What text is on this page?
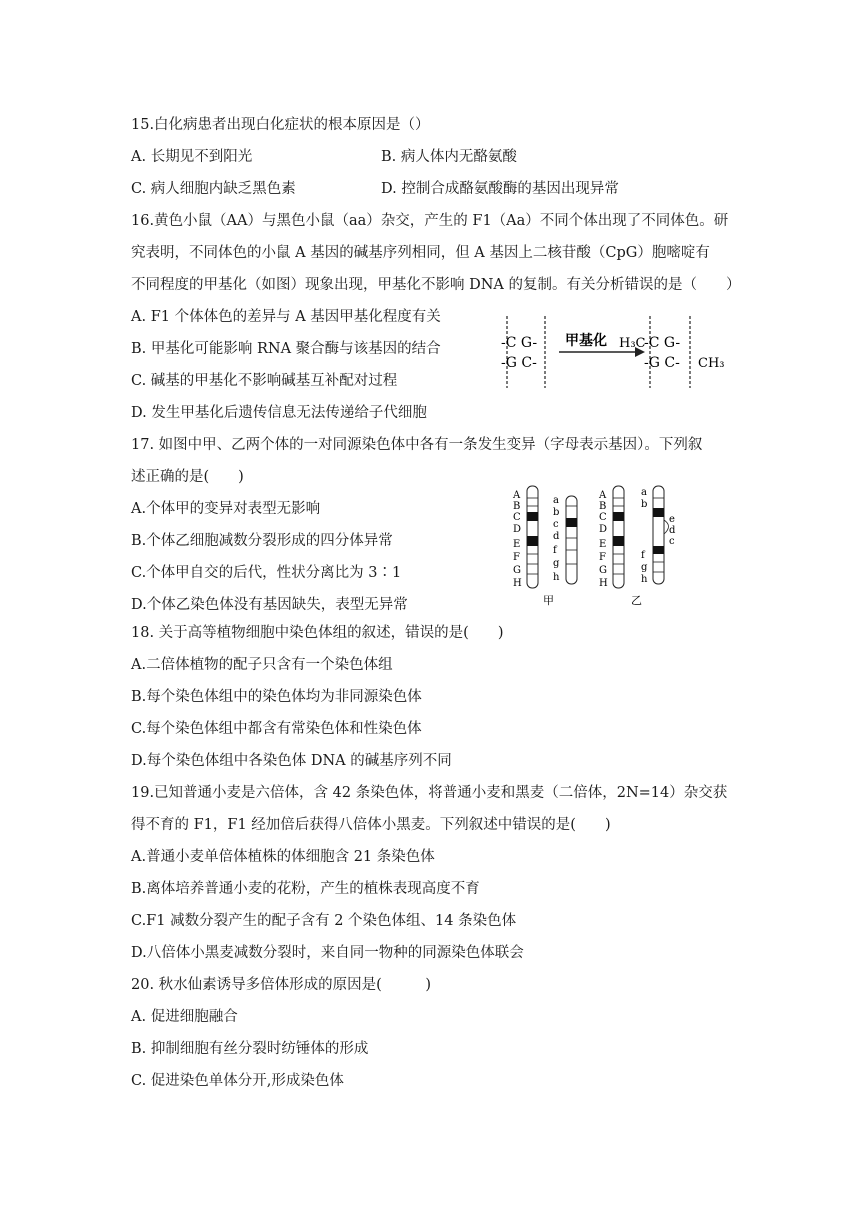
15.白化病患者出现白化症状的根本原因是（）
A. 长期见不到阳光	B. 病人体内无酪氨酸
C. 病人细胞内缺乏黑色素	D. 控制合成酪氨酸酶的基因出现异常
16.黄色小鼠（AA）与黑色小鼠（aa）杂交，产生的 F1（Aa）不同个体出现了不同体色。研
究表明，不同体色的小鼠 A 基因的碱基序列相同，但 A 基因上二核苷酸（CpG）胞嘧啶有
不同程度的甲基化（如图）现象出现，甲基化不影响 DNA 的复制。有关分析错误的是（　　）
A. F1 个体体色的差异与 A 基因甲基化程度有关
B. 甲基化可能影响 RNA 聚合酶与该基因的结合
C. 碱基的甲基化不影响碱基互补配对过程
D. 发生甲基化后遗传信息无法传递给子代细胞
-C G-
-G C-
甲基化 H₃C
-C G-
-G C- CH₃
17. 如图中甲、乙两个体的一对同源染色体中各有一条发生变异（字母表示基因）。下列叙
述正确的是(　　)
A.个体甲的变异对表型无影响
B.个体乙细胞减数分裂形成的四分体异常
C.个体甲自交的后代，性状分离比为 3∶1
D.个体乙染色体没有基因缺失，表型无异常
A
B
C
D
E
F
G
H
a
b
c
d
f
g
h
甲
A
B
C
D
E
F
G
H
a
b
e
d
c
f
g
h
乙
18. 关于高等植物细胞中染色体组的叙述，错误的是(　　)
A.二倍体植物的配子只含有一个染色体组
B.每个染色体组中的染色体均为非同源染色体
C.每个染色体组中都含有常染色体和性染色体
D.每个染色体组中各染色体 DNA 的碱基序列不同
19.已知普通小麦是六倍体，含 42 条染色体，将普通小麦和黑麦（二倍体，2N=14）杂交获
得不育的 F1，F1 经加倍后获得八倍体小黑麦。下列叙述中错误的是(　　)
A.普通小麦单倍体植株的体细胞含 21 条染色体
B.离体培养普通小麦的花粉，产生的植株表现高度不育
C.F1 减数分裂产生的配子含有 2 个染色体组、14 条染色体
D.八倍体小黑麦减数分裂时，来自同一物种的同源染色体联会
20. 秋水仙素诱导多倍体形成的原因是(　　　)
A. 促进细胞融合
B. 抑制细胞有丝分裂时纺锤体的形成
C. 促进染色单体分开,形成染色体
